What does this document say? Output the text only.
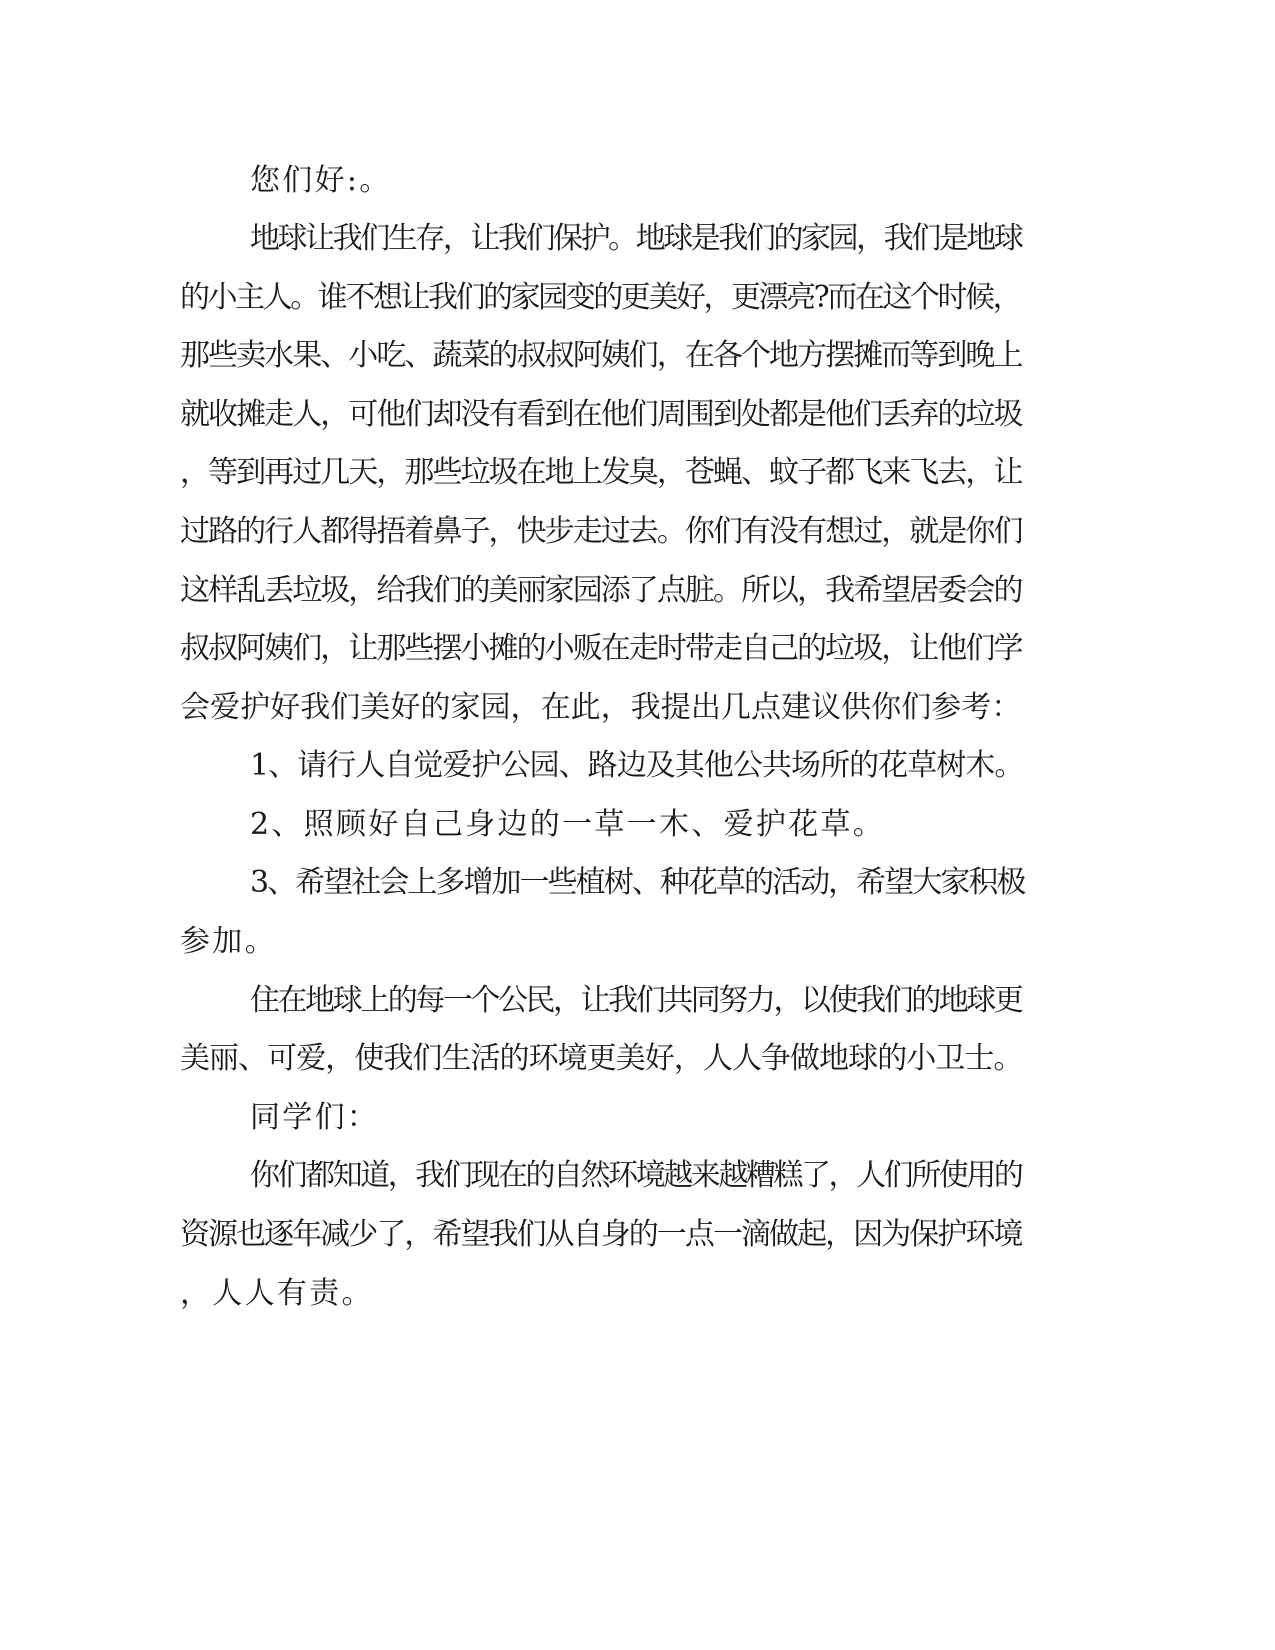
您们好:。
地球让我们生存，让我们保护。地球是我们的家园，我们是地球
的小主人。谁不想让我们的家园变的更美好，更漂亮?而在这个时候，
那些卖水果、小吃、蔬菜的叔叔阿姨们，在各个地方摆摊而等到晚上
就收摊走人，可他们却没有看到在他们周围到处都是他们丢弃的垃圾
，等到再过几天，那些垃圾在地上发臭，苍蝇、蚊子都飞来飞去，让
过路的行人都得捂着鼻子，快步走过去。你们有没有想过，就是你们
这样乱丢垃圾，给我们的美丽家园添了点脏。所以，我希望居委会的
叔叔阿姨们，让那些摆小摊的小贩在走时带走自己的垃圾，让他们学
会爱护好我们美好的家园，在此，我提出几点建议供你们参考：
1、请行人自觉爱护公园、路边及其他公共场所的花草树木。
2、照顾好自己身边的一草一木、爱护花草。
3、希望社会上多增加一些植树、种花草的活动，希望大家积极
参加。
住在地球上的每一个公民，让我们共同努力，以使我们的地球更
美丽、可爱，使我们生活的环境更美好，人人争做地球的小卫士。
同学们：
你们都知道，我们现在的自然环境越来越糟糕了，人们所使用的
资源也逐年减少了，希望我们从自身的一点一滴做起，因为保护环境
，人人有责。
